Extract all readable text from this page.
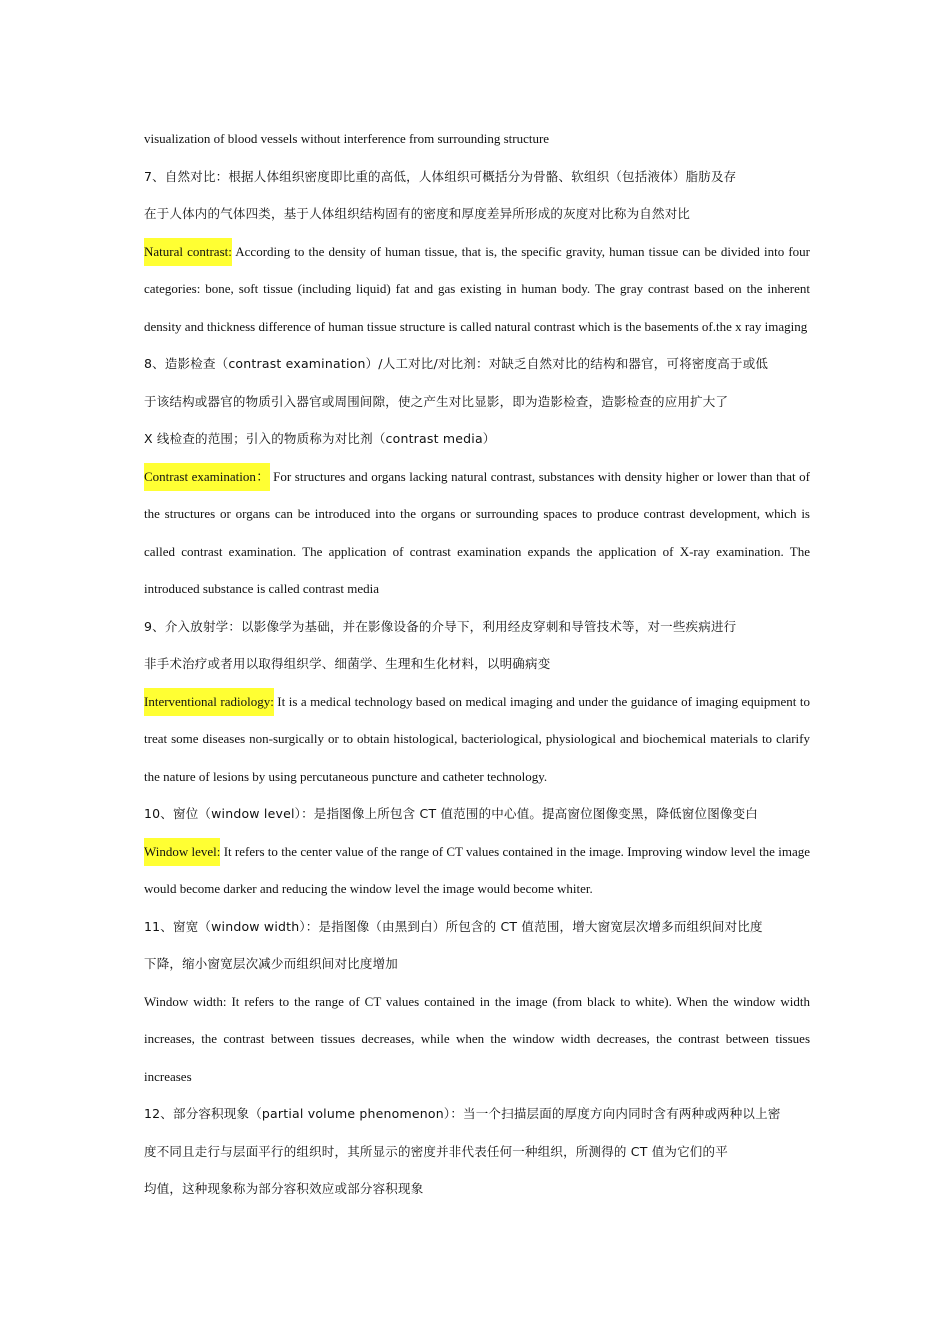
visualization of blood vessels without interference from surrounding structure
7、自然对比：根据人体组织密度即比重的高低，人体组织可概括分为骨骼、软组织（包括液体）脂肪及存
在于人体内的气体四类，基于人体组织结构固有的密度和厚度差异所形成的灰度对比称为自然对比

Natural contrast: According to the density of human tissue, that is, the specific gravity, human tissue can be divided into four categories: bone, soft tissue (including liquid) fat and gas existing in human body. The gray contrast based on the inherent density and thickness difference of human tissue structure is called natural contrast which is the basements of.the x ray imaging

8、造影检查（contrast examination）/人工对比/对比剂：对缺乏自然对比的结构和器官，可将密度高于或低
于该结构或器官的物质引入器官或周围间隙，使之产生对比显影，即为造影检查，造影检查的应用扩大了
X 线检查的范围；引入的物质称为对比剂（contrast media）

Contrast examination： For structures and organs lacking natural contrast, substances with density higher or lower than that of the structures or organs can be introduced into the organs or surrounding spaces to produce contrast development, which is called contrast examination. The application of contrast examination expands the application of X-ray examination. The introduced substance is called contrast media

9、介入放射学：以影像学为基础，并在影像设备的介导下，利用经皮穿刺和导管技术等，对一些疾病进行
非手术治疗或者用以取得组织学、细菌学、生理和生化材料，以明确病变

Interventional radiology: It is a medical technology based on medical imaging and under the guidance of imaging equipment to treat some diseases non-surgically or to obtain histological, bacteriological, physiological and biochemical materials to clarify the nature of lesions by using percutaneous puncture and catheter technology.

10、窗位（window level）：是指图像上所包含 CT 值范围的中心值。提高窗位图像变黑，降低窗位图像变白

Window level: It refers to the center value of the range of CT values contained in the image. Improving window level the image would become darker and reducing the window level the image would become whiter.

11、窗宽（window width）：是指图像（由黑到白）所包含的 CT 值范围，增大窗宽层次增多而组织间对比度
下降，缩小窗宽层次减少而组织间对比度增加

Window width: It refers to the range of CT values contained in the image (from black to white). When the window width increases, the contrast between tissues decreases, while when the window width decreases, the contrast between tissues increases

12、部分容积现象（partial volume phenomenon）：当一个扫描层面的厚度方向内同时含有两种或两种以上密
度不同且走行与层面平行的组织时，其所显示的密度并非代表任何一种组织，所测得的 CT 值为它们的平
均值，这种现象称为部分容积效应或部分容积现象
